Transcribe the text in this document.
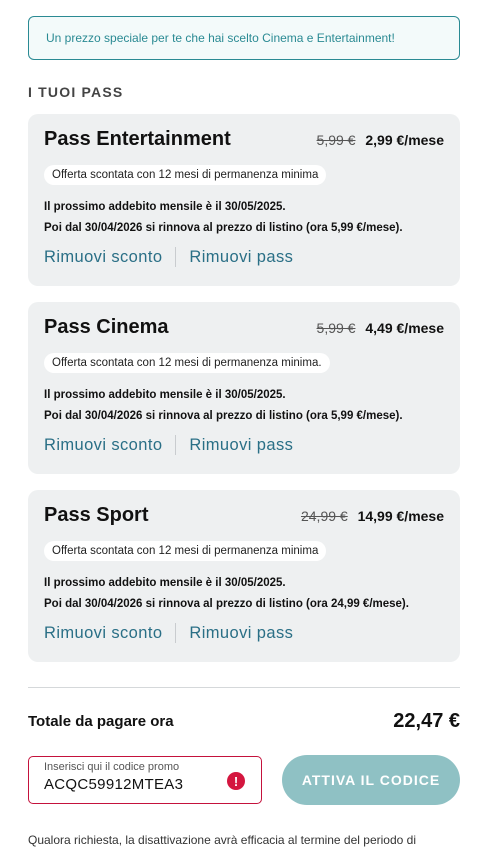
Un prezzo speciale per te che hai scelto Cinema e Entertainment!
I TUOI PASS
Pass Entertainment	5,99 € 2,99 €/mese
Offerta scontata con 12 mesi di permanenza minima
Il prossimo addebito mensile è il 30/05/2025.
Poi dal 30/04/2026 si rinnova al prezzo di listino (ora 5,99 €/mese).
Rimuovi sconto Rimuovi pass
Pass Cinema	5,99 € 4,49 €/mese
Offerta scontata con 12 mesi di permanenza minima.
Il prossimo addebito mensile è il 30/05/2025.
Poi dal 30/04/2026 si rinnova al prezzo di listino (ora 5,99 €/mese).
Rimuovi sconto Rimuovi pass
Pass Sport	24,99 € 14,99 €/mese
Offerta scontata con 12 mesi di permanenza minima
Il prossimo addebito mensile è il 30/05/2025.
Poi dal 30/04/2026 si rinnova al prezzo di listino (ora 24,99 €/mese).
Rimuovi sconto Rimuovi pass
Totale da pagare ora	22,47 €
Inserisci qui il codice promo
ACQC59912MTEA3
!	ATTIVA IL CODICE
Qualora richiesta, la disattivazione avrà efficacia al termine del periodo di
